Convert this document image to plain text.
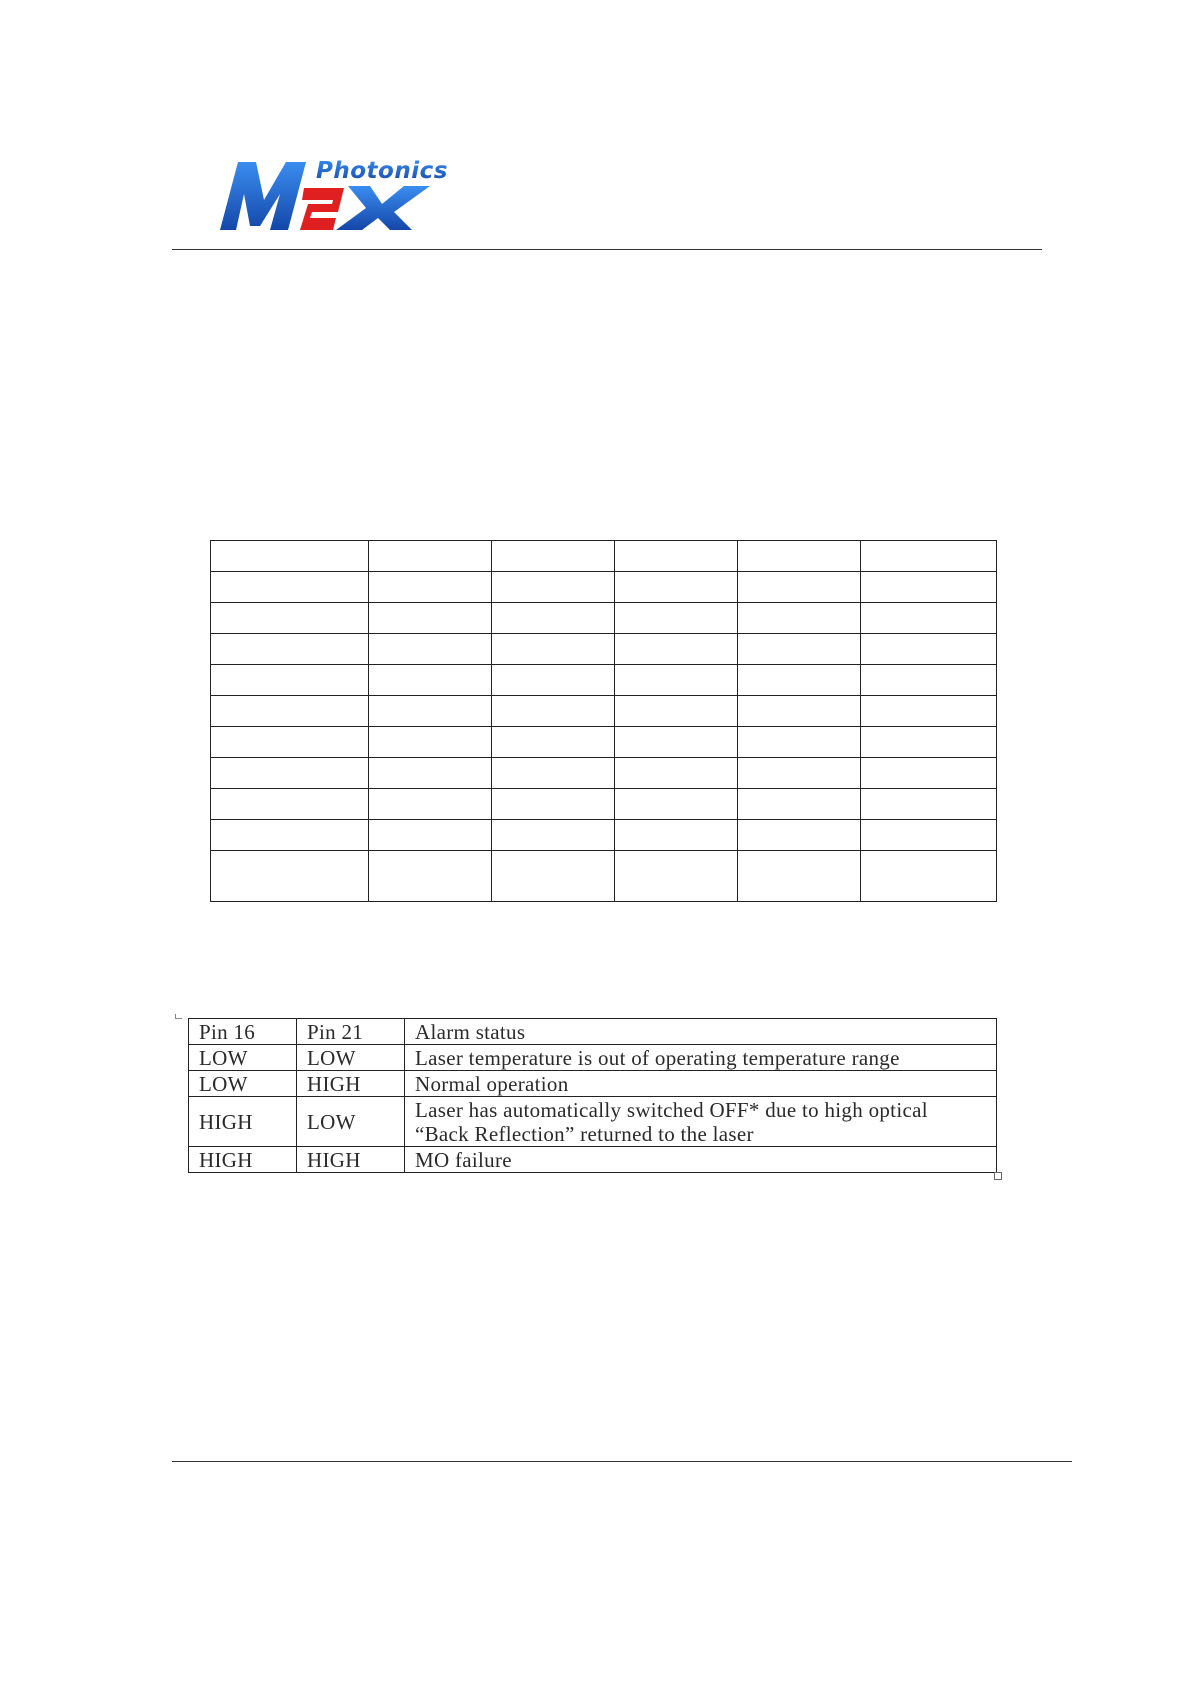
Photonics

Pin 16	Pin 21	Alarm status
LOW	LOW	Laser temperature is out of operating temperature range
LOW	HIGH	Normal operation
HIGH	LOW	Laser has automatically switched OFF* due to high optical
“Back Reflection” returned to the laser

HIGH	HIGH	MO failure
